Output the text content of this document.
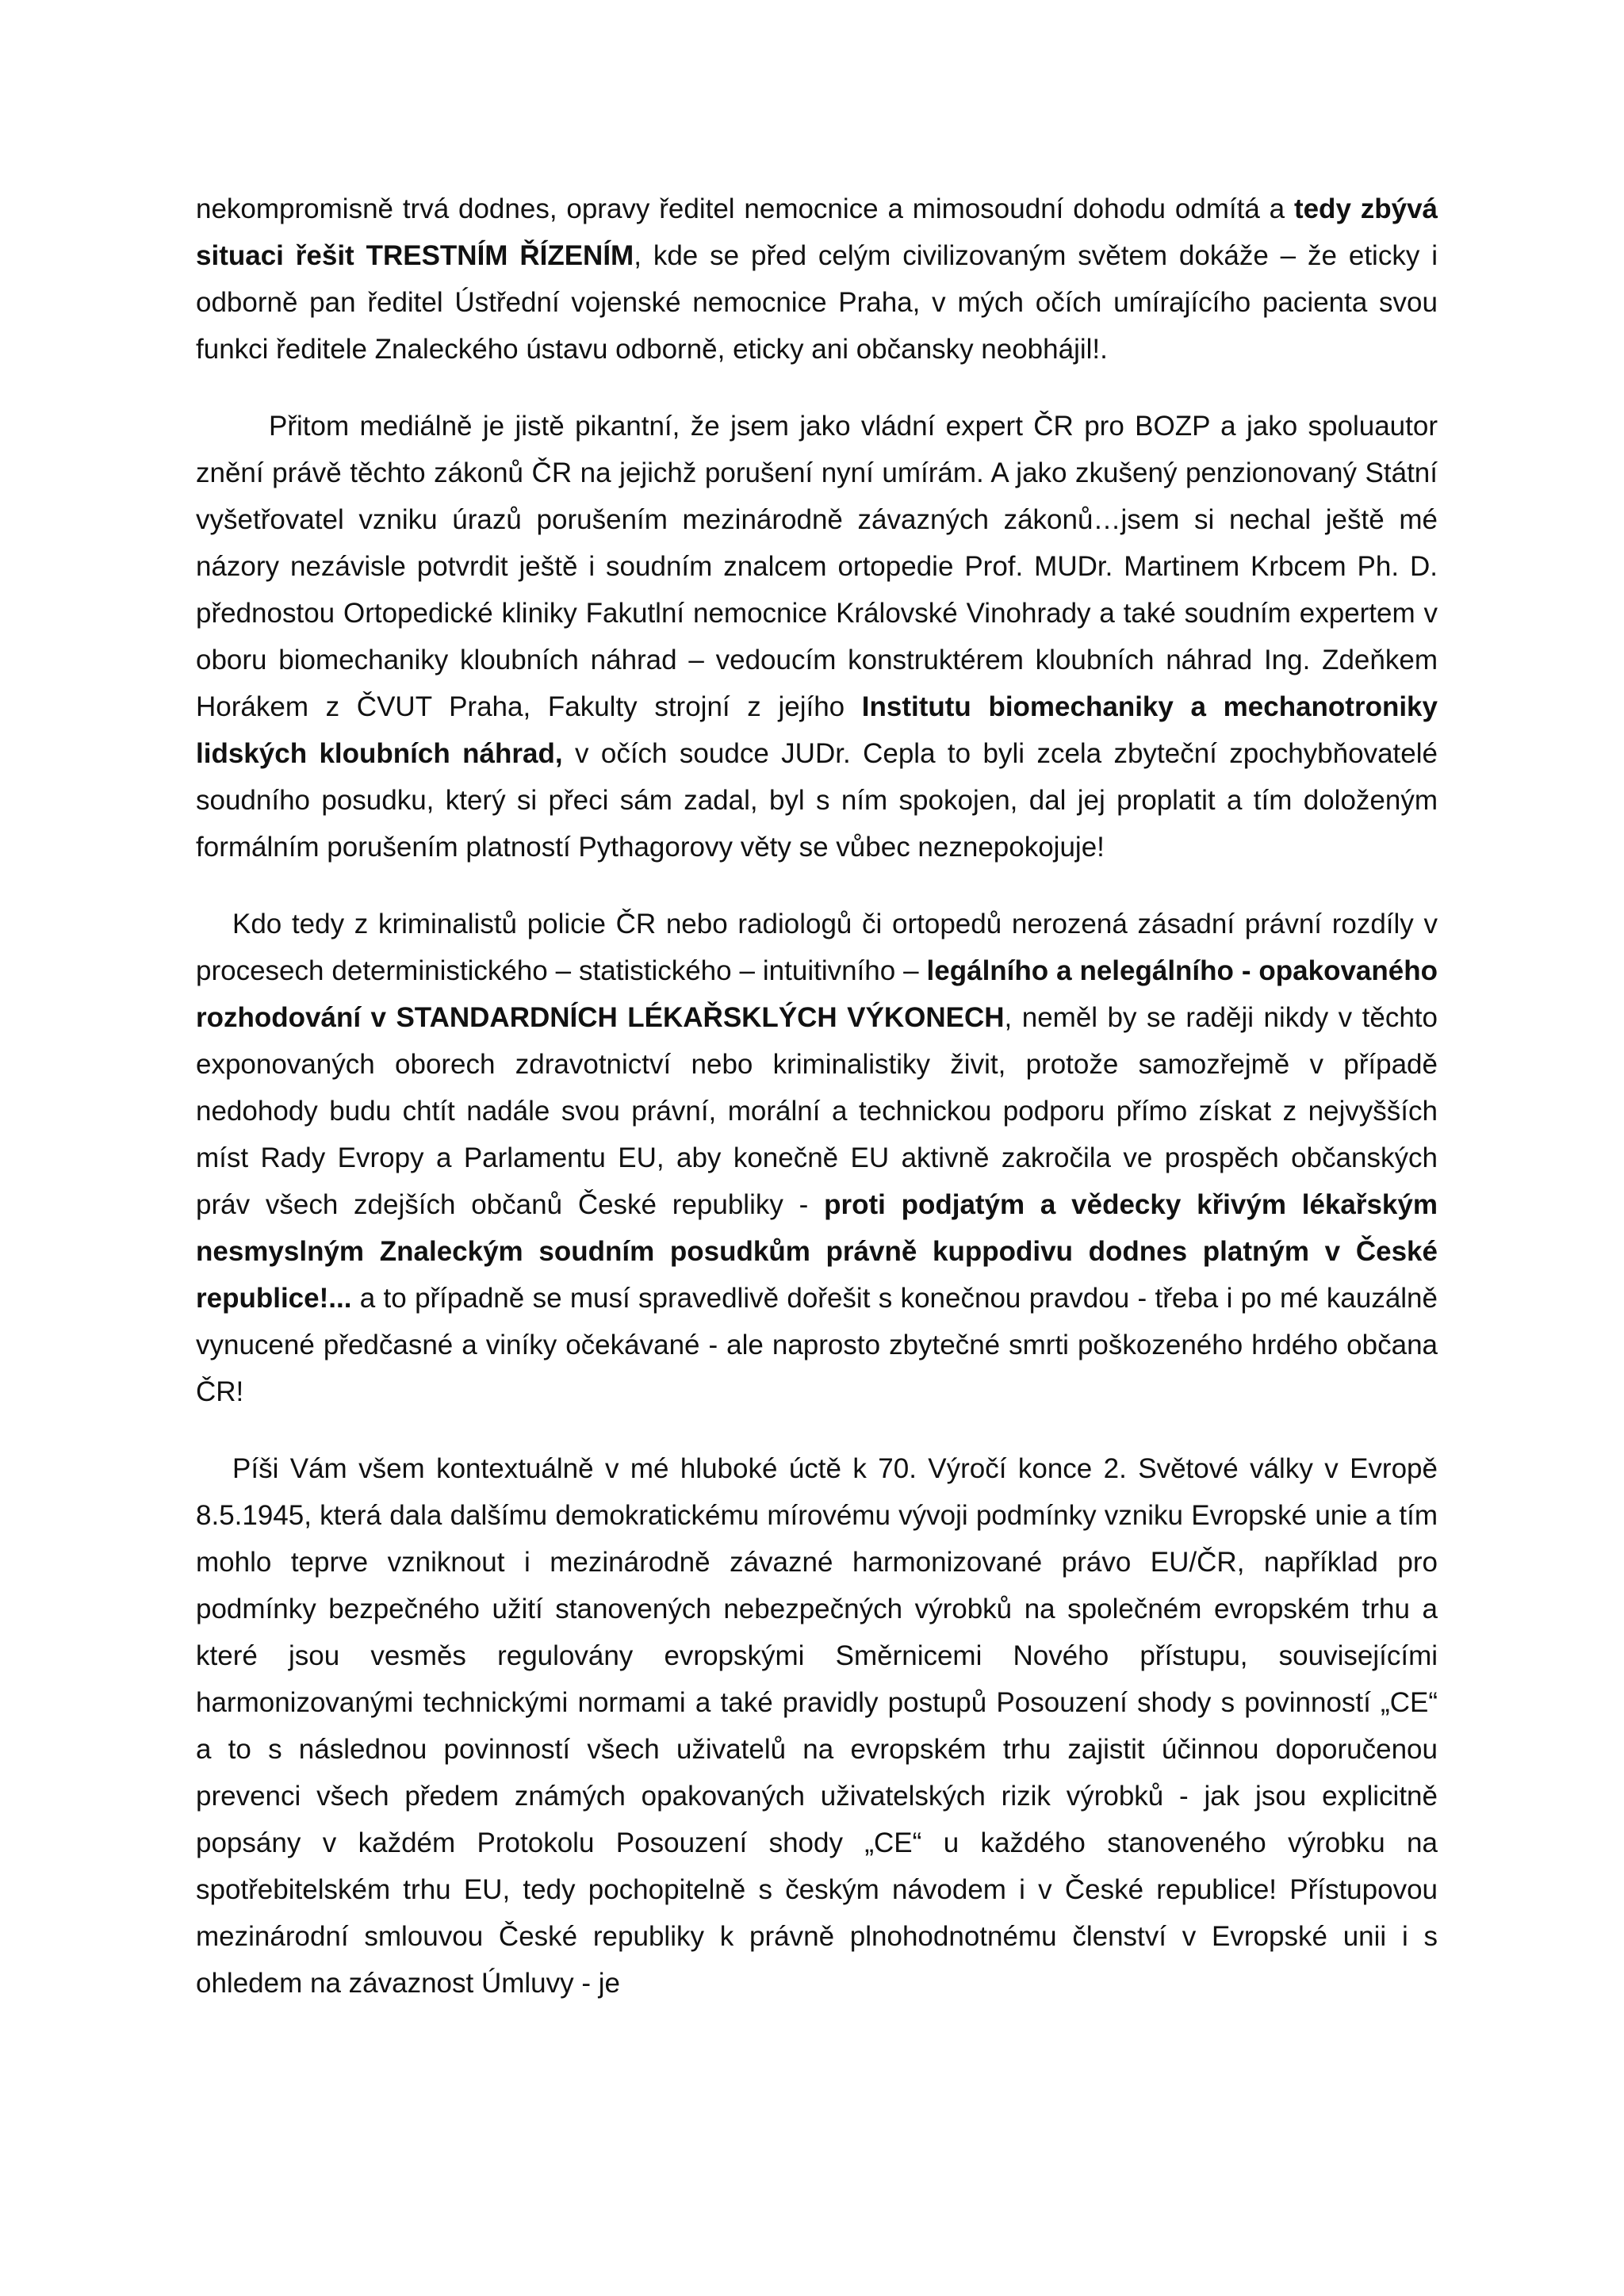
nekompromisně trvá dodnes, opravy ředitel nemocnice a mimosoudní dohodu odmítá a tedy zbývá situaci řešit TRESTNÍM ŘÍZENÍM, kde se před celým civilizovaným světem dokáže – že eticky i odborně pan ředitel Ústřední vojenské nemocnice Praha, v mých očích umírajícího pacienta svou funkci ředitele Znaleckého ústavu odborně, eticky ani občansky neobhájil!.

Přitom mediálně je jistě pikantní, že jsem jako vládní expert ČR pro BOZP a jako spoluautor znění právě těchto zákonů ČR na jejichž porušení nyní umírám. A jako zkušený penzionovaný Státní vyšetřovatel vzniku úrazů porušením mezinárodně závazných zákonů…jsem si nechal ještě mé názory nezávisle potvrdit ještě i soudním znalcem ortopedie Prof. MUDr. Martinem Krbcem Ph. D. přednostou Ortopedické kliniky Fakutlní nemocnice Královské Vinohrady a také soudním expertem v oboru biomechaniky kloubních náhrad – vedoucím konstruktérem kloubních náhrad Ing. Zdeňkem Horákem z ČVUT Praha, Fakulty strojní z jejího Institutu biomechaniky a mechanotroniky lidských kloubních náhrad, v očích soudce JUDr. Cepla to byli zcela zbyteční zpochybňovatelé soudního posudku, který si přeci sám zadal, byl s ním spokojen, dal jej proplatit a tím doloženým formálním porušením platností Pythagorovy věty se vůbec neznepokojuje!

Kdo tedy z kriminalistů policie ČR nebo radiologů či ortopedů nerozená zásadní právní rozdíly v procesech deterministického – statistického – intuitivního – legálního a nelegálního - opakovaného rozhodování v STANDARDNÍCH LÉKAŘSKLÝCH VÝKONECH, neměl by se raději nikdy v těchto exponovaných oborech zdravotnictví nebo kriminalistiky živit, protože samozřejmě v případě nedohody budu chtít nadále svou právní, morální a technickou podporu přímo získat z nejvyšších míst Rady Evropy a Parlamentu EU, aby konečně EU aktivně zakročila ve prospěch občanských práv všech zdejších občanů České republiky - proti podjatým a vědecky křivým lékařským nesmyslným Znaleckým soudním posudkům právně kuppodivu dodnes platným v České republice!... a to případně se musí spravedlivě dořešit s konečnou pravdou - třeba i po mé kauzálně vynucené předčasné a viníky očekávané - ale naprosto zbytečné smrti poškozeného hrdého občana ČR!

Píši Vám všem kontextuálně v mé hluboké úctě k 70. Výročí konce 2. Světové války v Evropě 8.5.1945, která dala dalšímu demokratickému mírovému vývoji podmínky vzniku Evropské unie a tím mohlo teprve vzniknout i mezinárodně závazné harmonizované právo EU/ČR, například pro podmínky bezpečného užití stanovených nebezpečných výrobků na společném evropském trhu a které jsou vesměs regulovány evropskými Směrnicemi Nového přístupu, souvisejícími harmonizovanými technickými normami a také pravidly postupů Posouzení shody s povinností „CE“ a to s následnou povinností všech uživatelů na evropském trhu zajistit účinnou doporučenou prevenci všech předem známých opakovaných uživatelských rizik výrobků - jak jsou explicitně popsány v každém Protokolu Posouzení shody „CE“ u každého stanoveného výrobku na spotřebitelském trhu EU, tedy pochopitelně s českým návodem i v České republice! Přístupovou mezinárodní smlouvou České republiky k právně plnohodnotnému členství v Evropské unii i s ohledem na závaznost Úmluvy - je
